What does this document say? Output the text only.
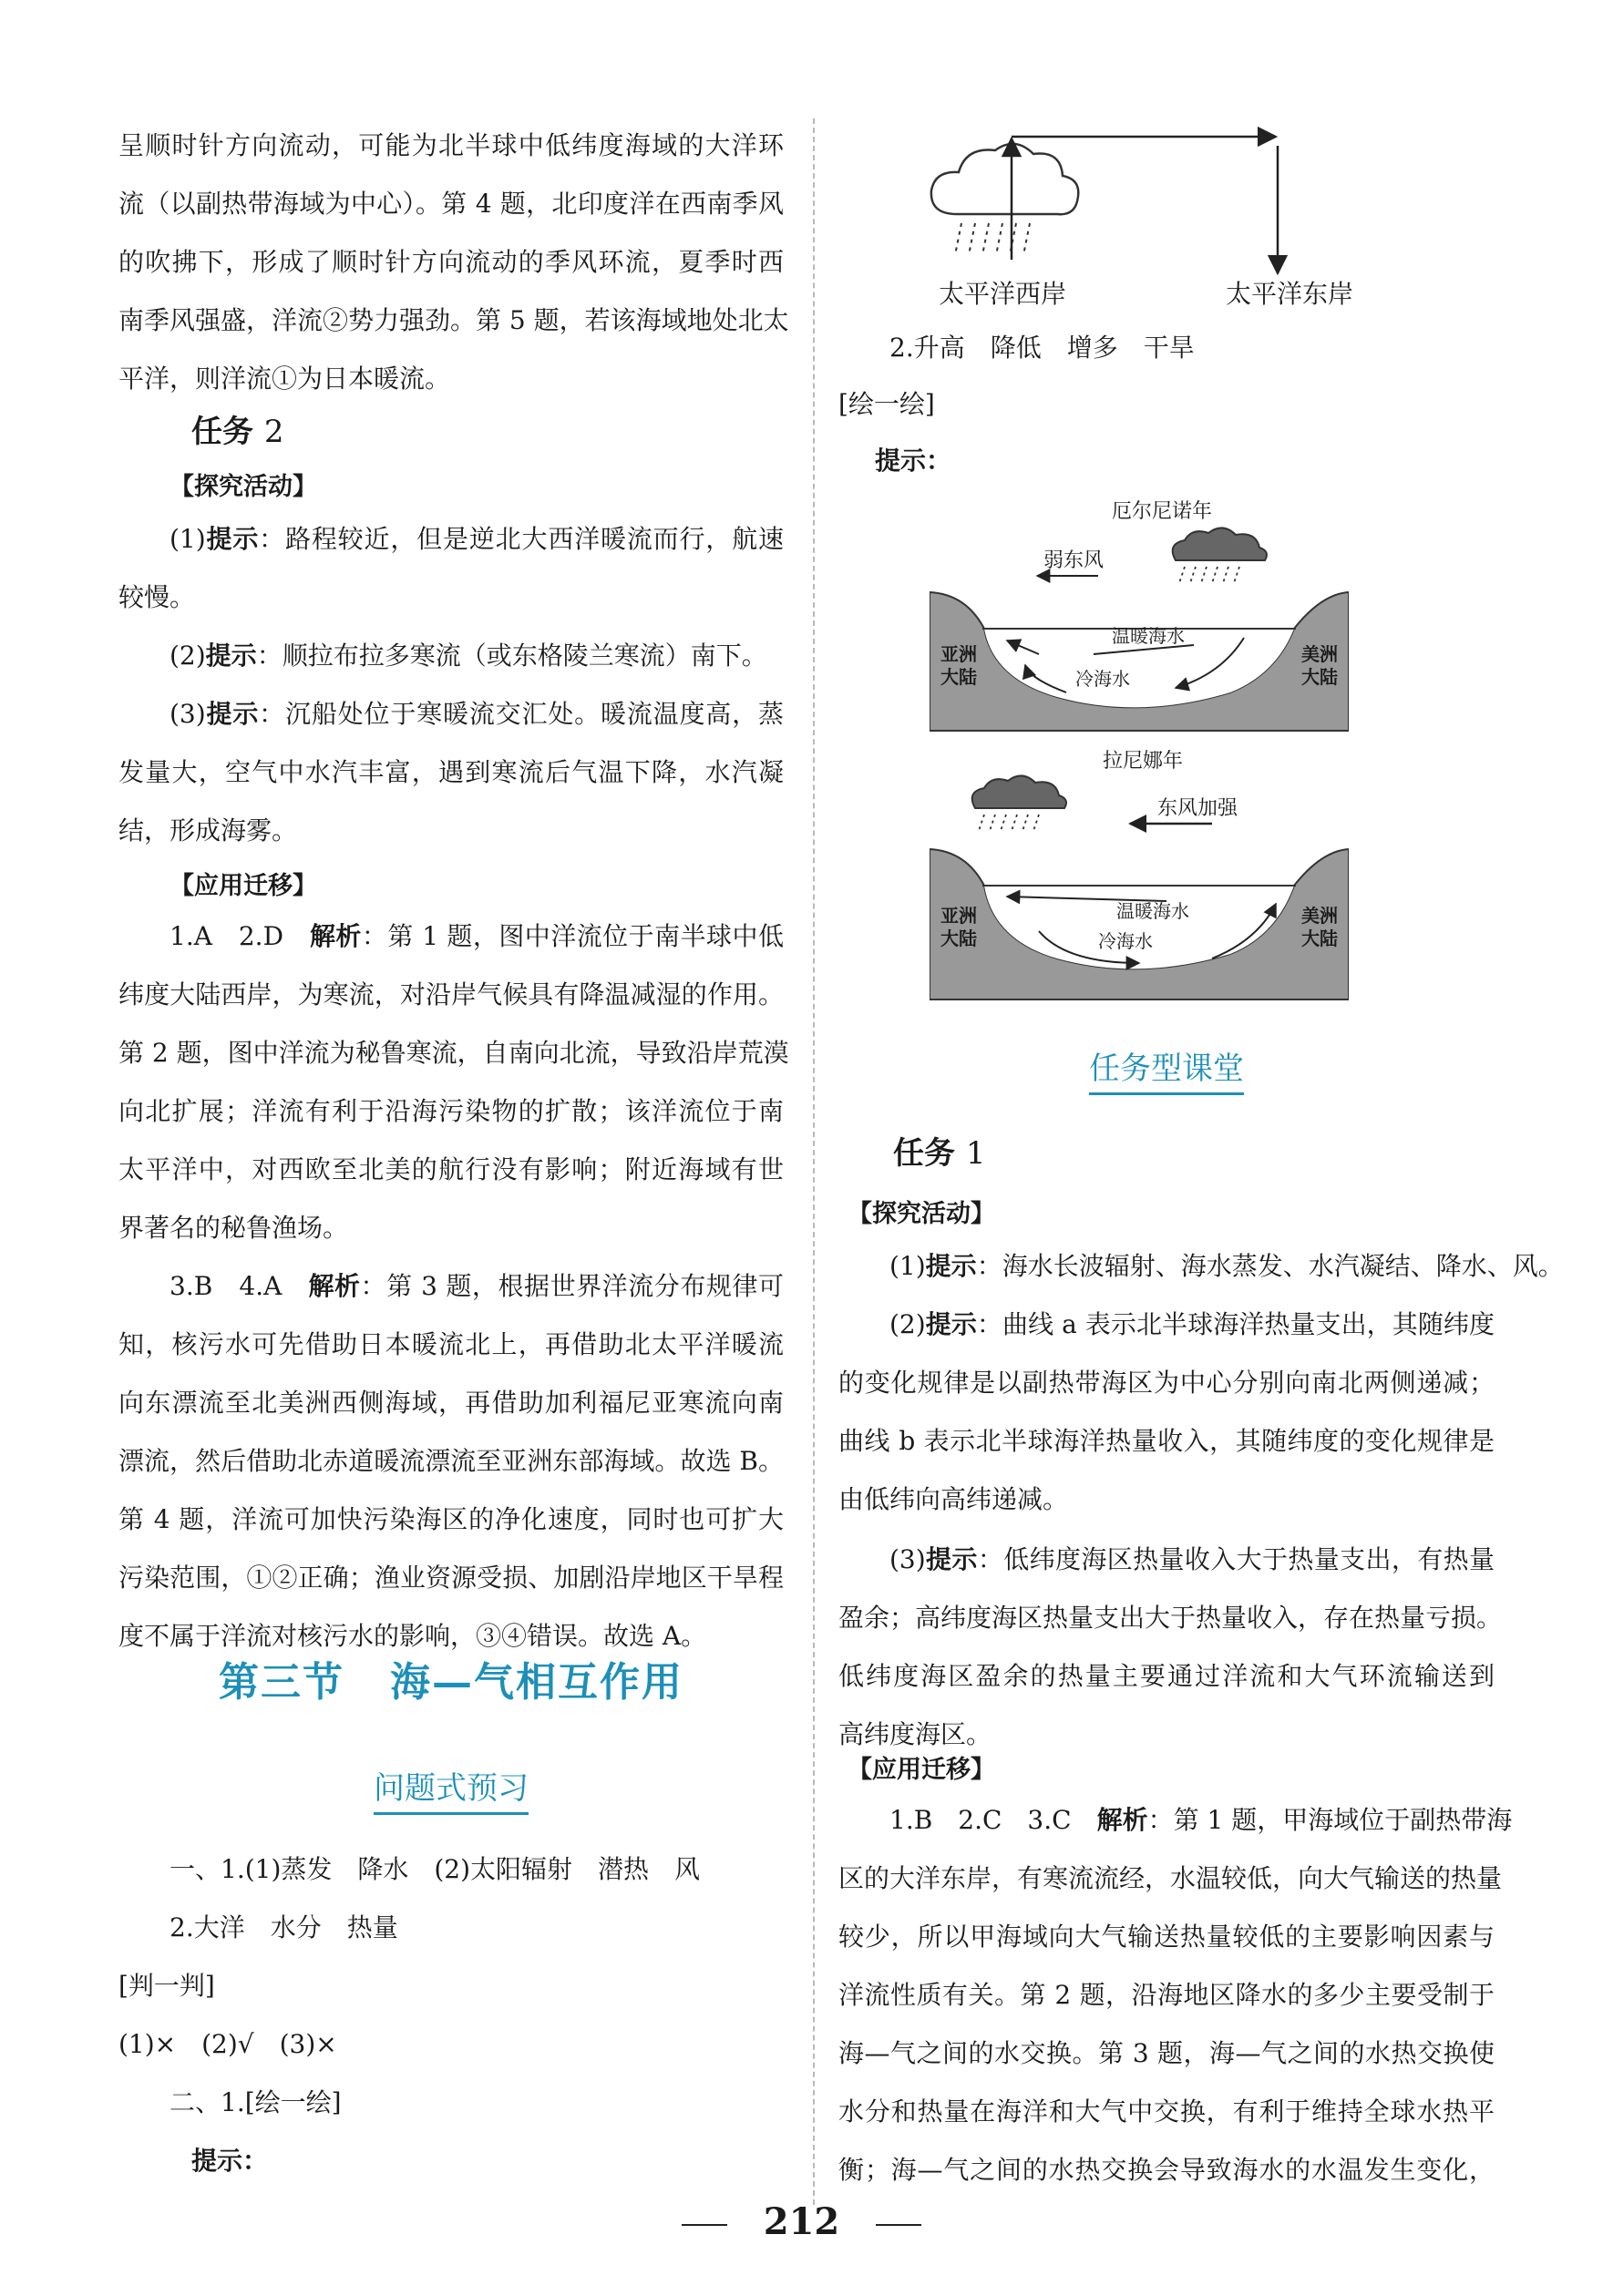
呈顺时针方向流动，可能为北半球中低纬度海域的大洋环
流（以副热带海域为中心）。第 4 题，北印度洋在西南季风
的吹拂下，形成了顺时针方向流动的季风环流，夏季时西
南季风强盛，洋流②势力强劲。第 5 题，若该海域地处北太
平洋，则洋流①为日本暖流。
任务 2
【探究活动】
(1)提示：路程较近，但是逆北大西洋暖流而行，航速
较慢。
(2)提示：顺拉布拉多寒流（或东格陵兰寒流）南下。
(3)提示：沉船处位于寒暖流交汇处。暖流温度高，蒸
发量大，空气中水汽丰富，遇到寒流后气温下降，水汽凝
结，形成海雾。
【应用迁移】
1.A　2.D　解析：第 1 题，图中洋流位于南半球中低
纬度大陆西岸，为寒流，对沿岸气候具有降温减湿的作用。
第 2 题，图中洋流为秘鲁寒流，自南向北流，导致沿岸荒漠
向北扩展；洋流有利于沿海污染物的扩散；该洋流位于南
太平洋中，对西欧至北美的航行没有影响；附近海域有世
界著名的秘鲁渔场。
3.B　4.A　解析：第 3 题，根据世界洋流分布规律可
知，核污水可先借助日本暖流北上，再借助北太平洋暖流
向东漂流至北美洲西侧海域，再借助加利福尼亚寒流向南
漂流，然后借助北赤道暖流漂流至亚洲东部海域。故选 B。
第 4 题，洋流可加快污染海区的净化速度，同时也可扩大
污染范围，①②正确；渔业资源受损、加剧沿岸地区干旱程
度不属于洋流对核污水的影响，③④错误。故选 A。
第三节 海—气相互作用
问题式预习
一、1.(1)蒸发　降水　(2)太阳辐射　潜热　风
2.大洋　水分　热量
[判一判]
(1)×　(2)√　(3)×
二、1.[绘一绘]
提示：
太平洋西岸	太平洋东岸
2.升高　降低　增多　干旱
[绘一绘]
提示：
厄尔尼诺年
弱东风
亚洲
大陆
美洲
大陆
温暖海水
冷海水
拉尼娜年
东风加强
亚洲
大陆
美洲
大陆
温暖海水
冷海水
任务型课堂
任务 1
【探究活动】
(1)提示：海水长波辐射、海水蒸发、水汽凝结、降水、风。
(2)提示：曲线 a 表示北半球海洋热量支出，其随纬度
的变化规律是以副热带海区为中心分别向南北两侧递减；
曲线 b 表示北半球海洋热量收入，其随纬度的变化规律是
由低纬向高纬递减。
(3)提示：低纬度海区热量收入大于热量支出，有热量
盈余；高纬度海区热量支出大于热量收入，存在热量亏损。
低纬度海区盈余的热量主要通过洋流和大气环流输送到
高纬度海区。
【应用迁移】
1.B　2.C　3.C　解析：第 1 题，甲海域位于副热带海
区的大洋东岸，有寒流流经，水温较低，向大气输送的热量
较少，所以甲海域向大气输送热量较低的主要影响因素与
洋流性质有关。第 2 题，沿海地区降水的多少主要受制于
海—气之间的水交换。第 3 题，海—气之间的水热交换使
水分和热量在海洋和大气中交换，有利于维持全球水热平
衡；海—气之间的水热交换会导致海水的水温发生变化，
212
